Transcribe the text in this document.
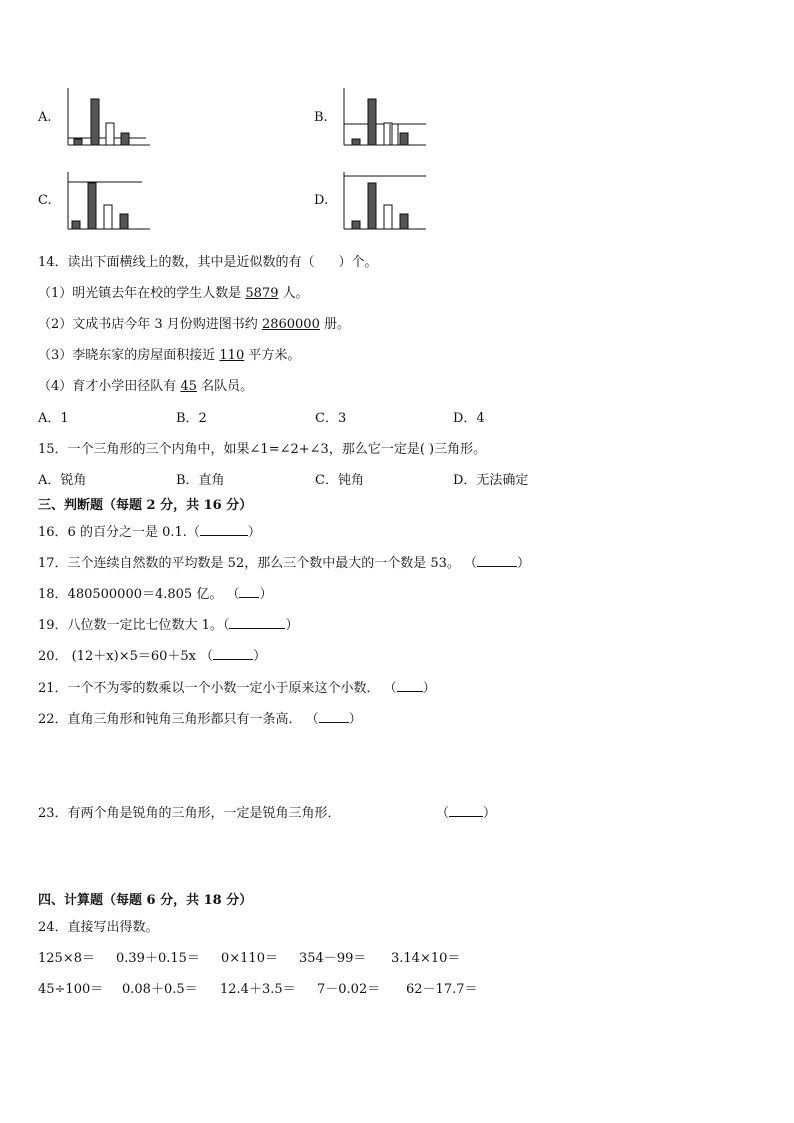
A.	B.
C.	D.
14．读出下面横线上的数，其中是近似数的有（ ）个。
（1）明光镇去年在校的学生人数是 5879 人。
（2）文成书店今年 3 月份购进图书约 2860000 册。
（3）李晓东家的房屋面积接近 110 平方米。
（4）育才小学田径队有 45 名队员。
A．1	B．2	C．3	D．4
15．一个三角形的三个内角中，如果∠1=∠2+∠3，那么它一定是( )三角形。
A．锐角	B．直角	C．钝角	D．无法确定
三、判断题（每题 2 分，共 16 分）
16．6 的百分之一是 0.1.（	）
17．三个连续自然数的平均数是 52，那么三个数中最大的一个数是 53。 （	）
18．480500000＝4.805 亿。 （ ）
19．八位数一定比七位数大 1。（	）
20． (12＋x)×5＝60＋5x （	）
21．一个不为零的数乘以一个小数一定小于原来这个小数． （ ）
22．直角三角形和钝角三角形都只有一条高． （ ）
23．有两个角是锐角的三角形，一定是锐角三角形．	（	）
四、计算题（每题 6 分，共 18 分）
24．直接写出得数。
125×8＝ 0.39＋0.15＝ 0×110＝ 354－99＝ 3.14×10＝
45÷100＝ 0.08＋0.5＝ 12.4＋3.5＝ 7－0.02＝ 62－17.7＝
